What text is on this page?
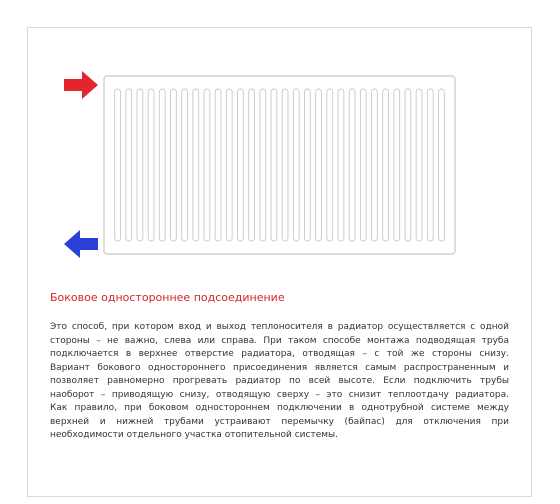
Боковое одностороннее подсоединение

Это способ, при котором вход и выход теплоносителя в радиатор осуществляется с одной
стороны – не важно, слева или справа. При таком способе монтажа подводящая труба
подключается в верхнее отверстие радиатора, отводящая – с той же стороны снизу.
Вариант бокового одностороннего присоединения является самым распространенным и
позволяет равномерно прогревать радиатор по всей высоте. Если подключить трубы
наоборот – приводящую снизу, отводящую сверху – это снизит теплоотдачу радиатора.
Как правило, при боковом одностороннем подключении в однотрубной системе между
верхней и нижней трубами устраивают перемычку (байпас) для отключения при
необходимости отдельного участка отопительной системы.
